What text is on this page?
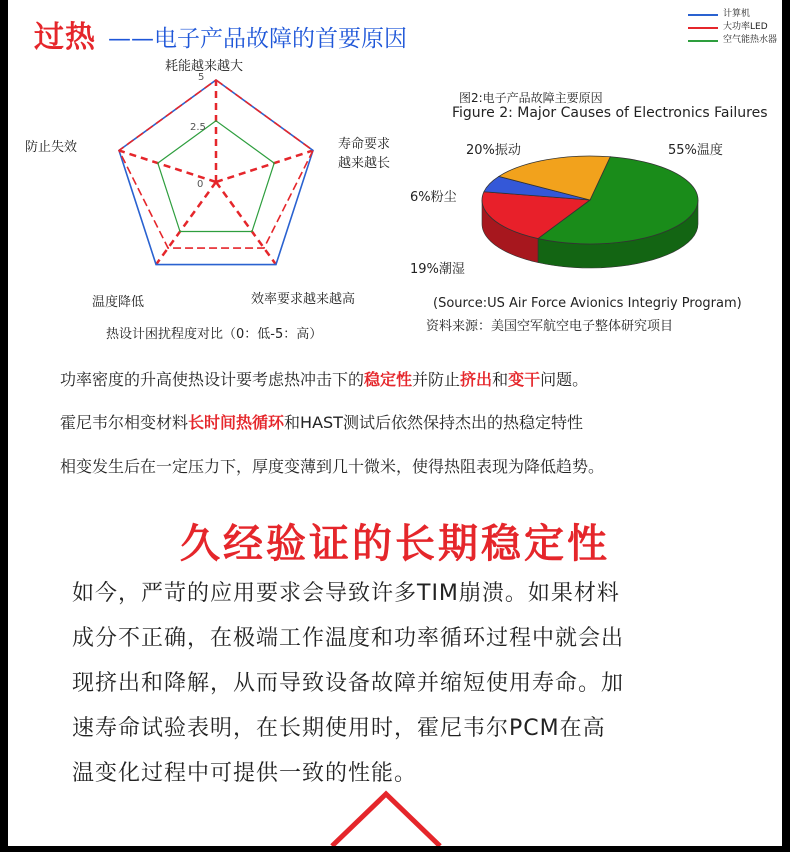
过热 ——电子产品故障的首要原因
计算机
大功率LED
空气能热水器
耗能越来越大
寿命要求
越来越长
效率要求越来越高
温度降低
防止失效
5
2.5
0
热设计困扰程度对比（0：低-5：高）
图2:电子产品故障主要原因
Figure 2: Major Causes of Electronics Failures
20%振动	55%温度
6%粉尘
19%潮湿
(Source:US Air Force Avionics Integriy Program)
资料来源：美国空军航空电子整体研究项目
功率密度的升高使热设计要考虑热冲击下的稳定性并防止挤出和变干问题。
霍尼韦尔相变材料长时间热循环和HAST测试后依然保持杰出的热稳定特性
相变发生后在一定压力下，厚度变薄到几十微米，使得热阻表现为降低趋势。
久经验证的长期稳定性
如今，严苛的应用要求会导致许多TIM崩溃。如果材料
成分不正确，在极端工作温度和功率循环过程中就会出
现挤出和降解，从而导致设备故障并缩短使用寿命。加
速寿命试验表明，在长期使用时，霍尼韦尔PCM在高
温变化过程中可提供一致的性能。
